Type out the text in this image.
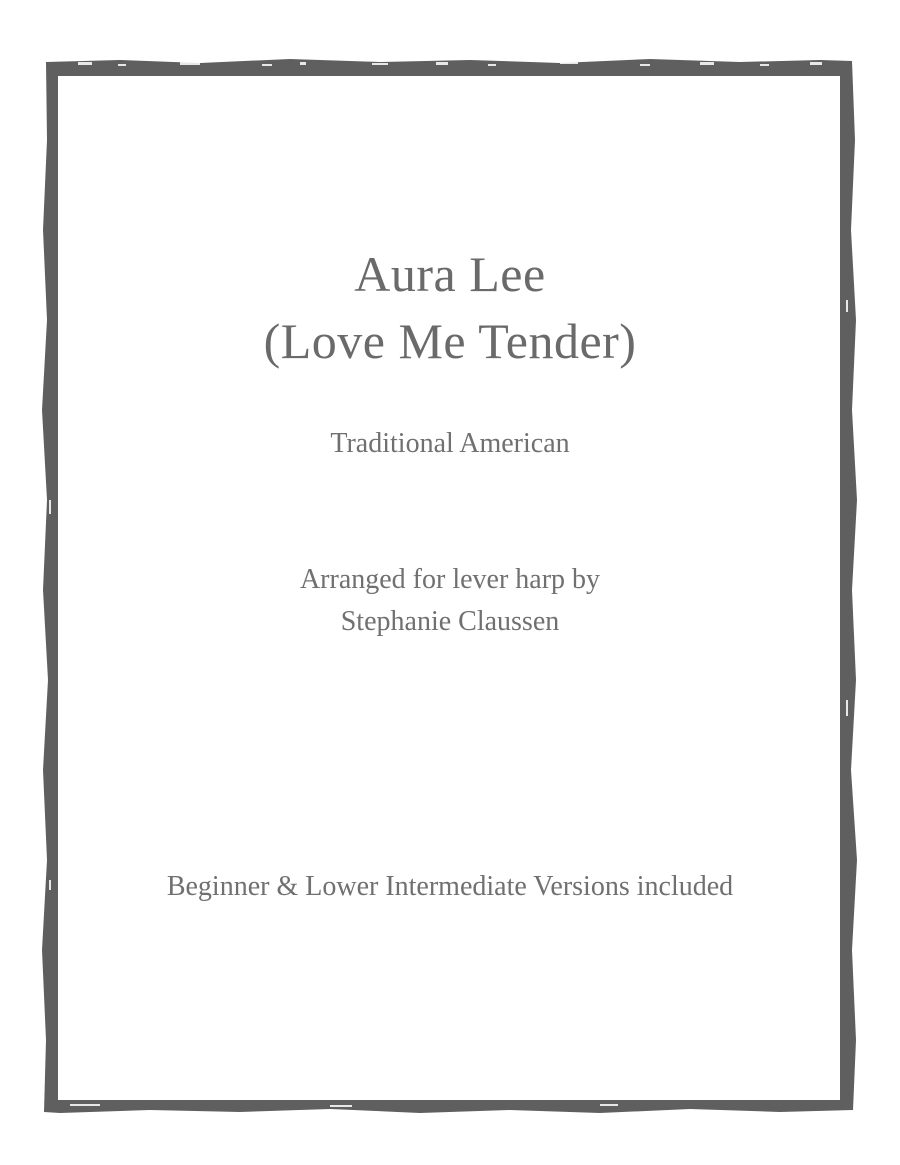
Aura Lee
(Love Me Tender)
Traditional American
Arranged for lever harp by
Stephanie Claussen
Beginner & Lower Intermediate Versions included
